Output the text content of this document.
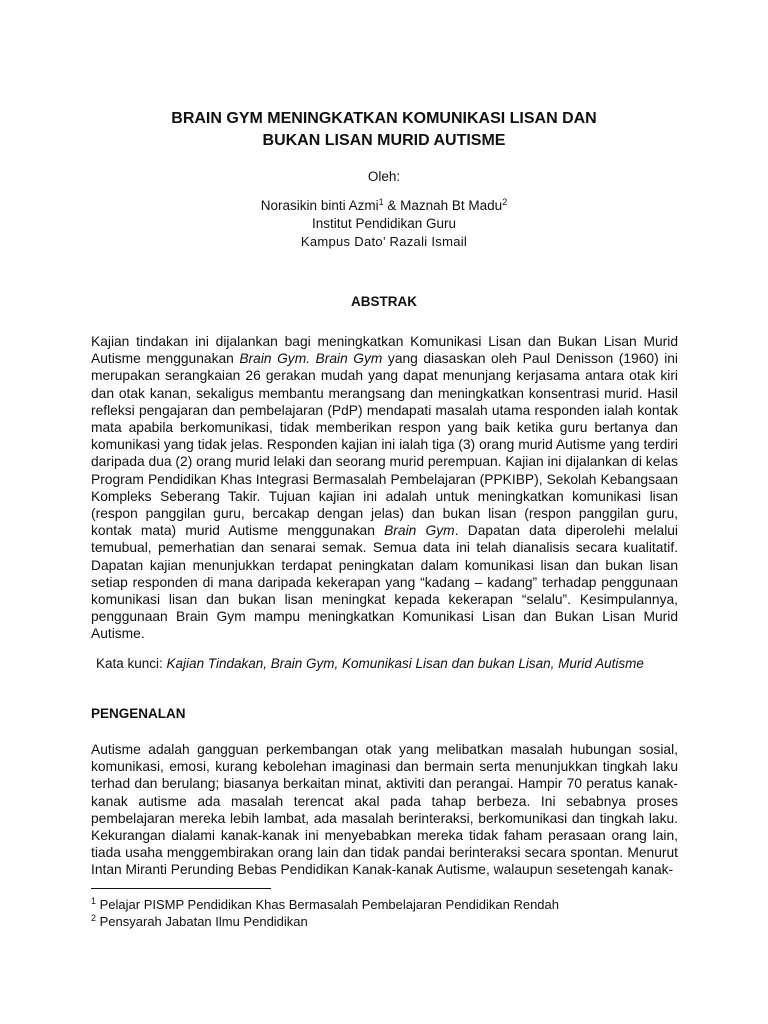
BRAIN GYM MENINGKATKAN KOMUNIKASI LISAN DAN
BUKAN LISAN MURID AUTISME
Oleh:
Norasikin binti Azmi$^1$ & Maznah Bt Madu$^2$
Institut Pendidikan Guru
Kampus Dato’ Razali Ismail
ABSTRAK

Kajian tindakan ini dijalankan bagi meningkatkan Komunikasi Lisan dan Bukan Lisan Murid Autisme menggunakan Brain Gym. Brain Gym yang diasaskan oleh Paul Denisson (1960) ini merupakan serangkaian 26 gerakan mudah yang dapat menunjang kerjasama antara otak kiri dan otak kanan, sekaligus membantu merangsang dan meningkatkan konsentrasi murid. Hasil refleksi pengajaran dan pembelajaran (PdP) mendapati masalah utama responden ialah kontak mata apabila berkomunikasi, tidak memberikan respon yang baik ketika guru bertanya dan komunikasi yang tidak jelas. Responden kajian ini ialah tiga (3) orang murid Autisme yang terdiri daripada dua (2) orang murid lelaki dan seorang murid perempuan. Kajian ini dijalankan di kelas Program Pendidikan Khas Integrasi Bermasalah Pembelajaran (PPKIBP), Sekolah Kebangsaan Kompleks Seberang Takir. Tujuan kajian ini adalah untuk meningkatkan komunikasi lisan (respon panggilan guru, bercakap dengan jelas) dan bukan lisan (respon panggilan guru, kontak mata) murid Autisme menggunakan Brain Gym. Dapatan data diperolehi melalui temubual, pemerhatian dan senarai semak. Semua data ini telah dianalisis secara kualitatif. Dapatan kajian menunjukkan terdapat peningkatan dalam komunikasi lisan dan bukan lisan setiap responden di mana daripada kekerapan yang “kadang – kadang” terhadap penggunaan komunikasi lisan dan bukan lisan meningkat kepada kekerapan “selalu”. Kesimpulannya, penggunaan Brain Gym mampu meningkatkan Komunikasi Lisan dan Bukan Lisan Murid Autisme.

Kata kunci: Kajian Tindakan, Brain Gym, Komunikasi Lisan dan bukan Lisan, Murid Autisme
PENGENALAN

Autisme adalah gangguan perkembangan otak yang melibatkan masalah hubungan sosial, komunikasi, emosi, kurang kebolehan imaginasi dan bermain serta menunjukkan tingkah laku terhad dan berulang; biasanya berkaitan minat, aktiviti dan perangai. Hampir 70 peratus kanak-kanak autisme ada masalah terencat akal pada tahap berbeza. Ini sebabnya proses pembelajaran mereka lebih lambat, ada masalah berinteraksi, berkomunikasi dan tingkah laku. Kekurangan dialami kanak-kanak ini menyebabkan mereka tidak faham perasaan orang lain, tiada usaha menggembirakan orang lain dan tidak pandai berinteraksi secara spontan. Menurut Intan Miranti Perunding Bebas Pendidikan Kanak-kanak Autisme, walaupun sesetengah kanak-

$^1$ Pelajar PISMP Pendidikan Khas Bermasalah Pembelajaran Pendidikan Rendah
$^2$ Pensyarah Jabatan Ilmu Pendidikan
